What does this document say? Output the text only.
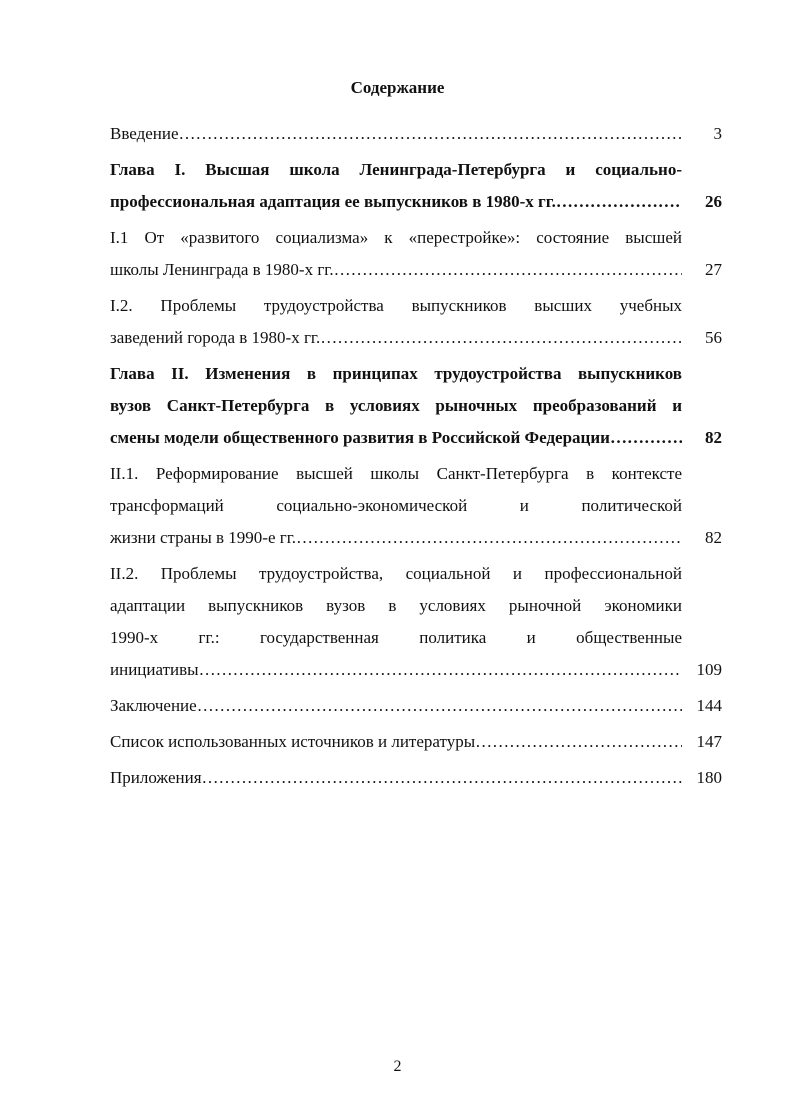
Содержание
Введение ……………………………………………………………………………………………………………………	3
Глава I. Высшая школа Ленинграда-Петербурга и социально-
профессиональная адаптация ее выпускников в 1980-х гг. ……………………………………………………………………………………………………………………	26
I.1 От «развитого социализма» к «перестройке»: состояние высшей
школы Ленинграда в 1980-х гг. ……………………………………………………………………………………………………………………	27
I.2. Проблемы трудоустройства выпускников высших учебных
заведений города в 1980-х гг. ……………………………………………………………………………………………………………………	56
Глава II. Изменения в принципах трудоустройства выпускников
вузов Санкт-Петербурга в условиях рыночных преобразований и
смены модели общественного развития в Российской Федерации ……………………………………………………………………………………………………………………	82
II.1. Реформирование высшей школы Санкт-Петербурга в контексте
трансформаций социально-экономической и политической
жизни страны в 1990-е гг. ……………………………………………………………………………………………………………………	82
II.2. Проблемы трудоустройства, социальной и профессиональной
адаптации выпускников вузов в условиях рыночной экономики
1990-х гг.: государственная политика и общественные
инициативы ……………………………………………………………………………………………………………………	109
Заключение ……………………………………………………………………………………………………………………	144
Список использованных источников и литературы ……………………………………………………………………………………………………………………	147
Приложения ……………………………………………………………………………………………………………………	180
2
